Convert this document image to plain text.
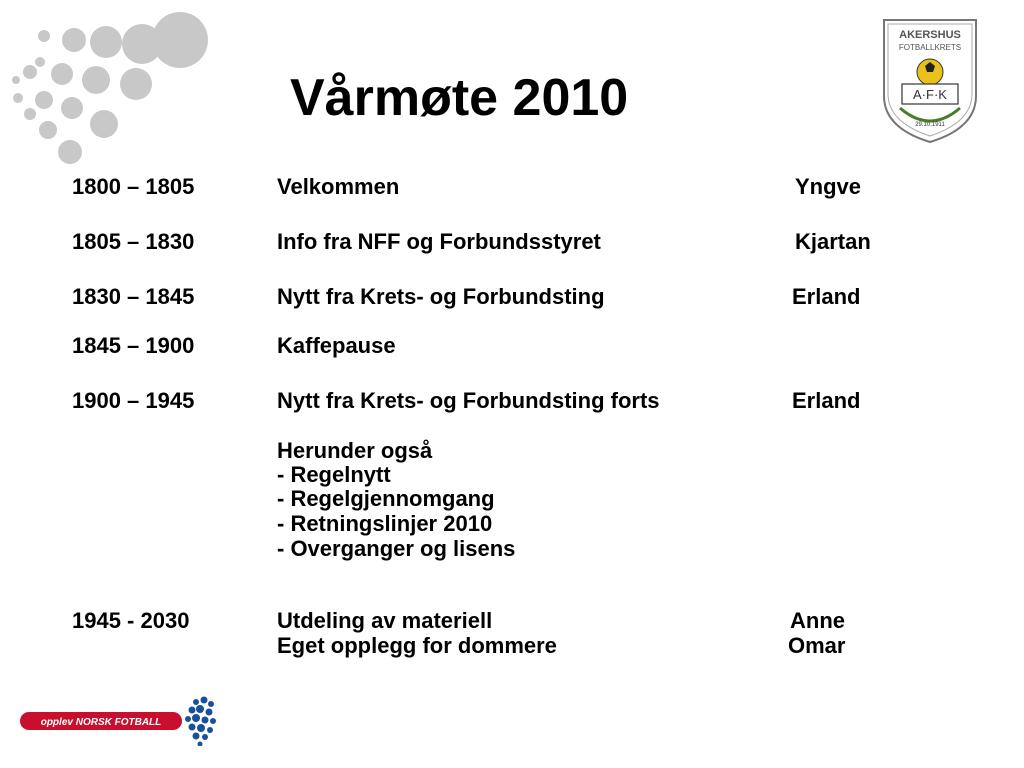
Vårmøte 2010
AKERSHUS
FOTBALLKRETS
A·F·K
29.10.1911
1800 – 1805	Velkommen	Yngve
1805 – 1830	Info fra NFF og Forbundsstyret	Kjartan
1830 – 1845	Nytt fra Krets- og Forbundsting	Erland
1845 – 1900	Kaffepause
1900 – 1945	Nytt fra Krets- og Forbundsting forts	Erland
Herunder også
- Regelnytt
- Regelgjennomgang
- Retningslinjer 2010
- Overganger og lisens
1945 - 2030	Utdeling av materiell	Anne
Eget opplegg for dommere	Omar
opplev NORSK FOTBALL
